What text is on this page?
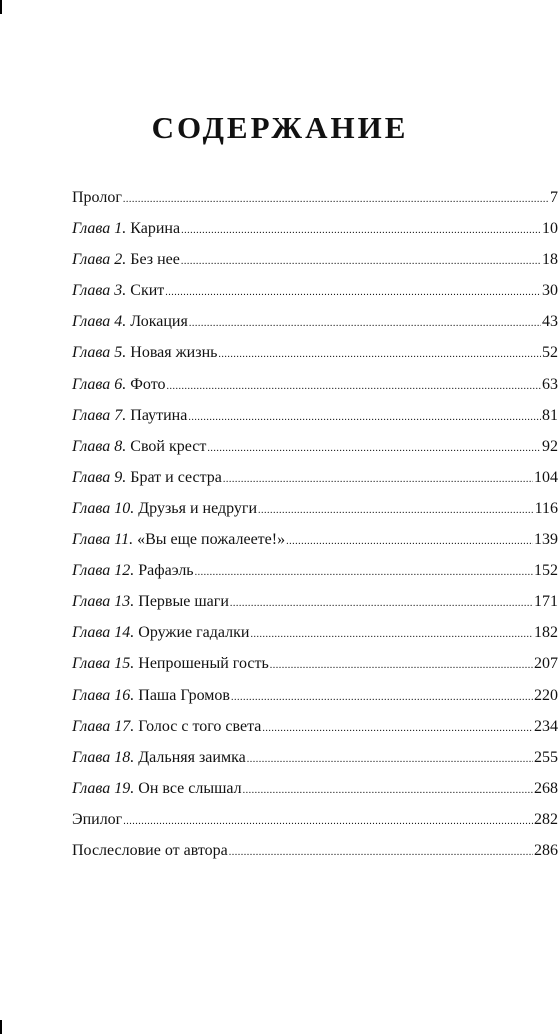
СОДЕРЖАНИЕ
Пролог .....	7
Глава 1. Карина .....	10
Глава 2. Без нее .....	18
Глава 3. Скит .....	30
Глава 4. Локация .....	43
Глава 5. Новая жизнь .....	52
Глава 6. Фото .....	63
Глава 7. Паутина .....	81
Глава 8. Свой крест .....	92
Глава 9. Брат и сестра .....	104
Глава 10. Друзья и недруги .....	116
Глава 11. «Вы еще пожалеете!» .....	139
Глава 12. Рафаэль .....	152
Глава 13. Первые шаги .....	171
Глава 14. Оружие гадалки .....	182
Глава 15. Непрошеный гость .....	207
Глава 16. Паша Громов .....	220
Глава 17. Голос с того света .....	234
Глава 18. Дальняя заимка .....	255
Глава 19. Он все слышал .....	268
Эпилог .....	282
Послесловие от автора .....	286
